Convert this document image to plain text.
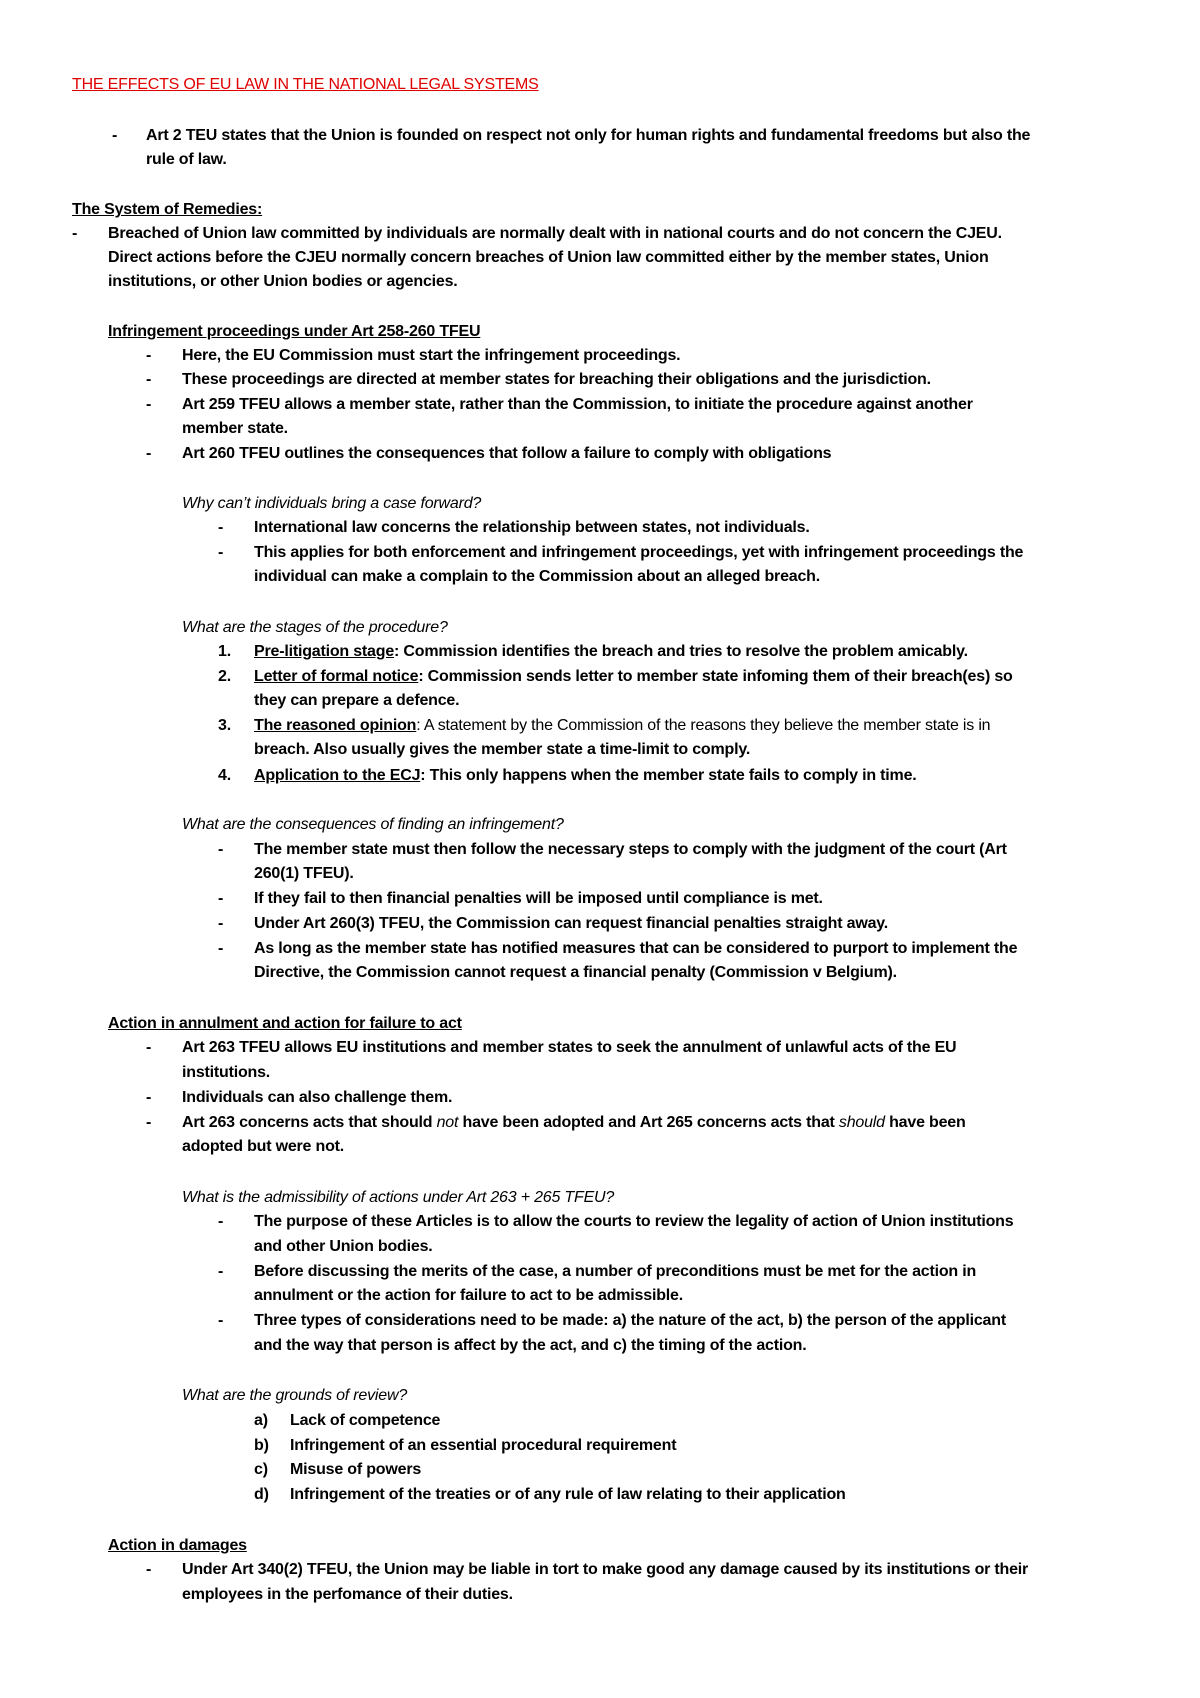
THE EFFECTS OF EU LAW IN THE NATIONAL LEGAL SYSTEMS
- Art 2 TEU states that the Union is founded on respect not only for human rights and fundamental freedoms but also the
rule of law.
The System of Remedies:
- Breached of Union law committed by individuals are normally dealt with in national courts and do not concern the CJEU.
Direct actions before the CJEU normally concern breaches of Union law committed either by the member states, Union
institutions, or other Union bodies or agencies.
Infringement proceedings under Art 258-260 TFEU
- Here, the EU Commission must start the infringement proceedings.
- These proceedings are directed at member states for breaching their obligations and the jurisdiction.
- Art 259 TFEU allows a member state, rather than the Commission, to initiate the procedure against another
member state.
- Art 260 TFEU outlines the consequences that follow a failure to comply with obligations
Why can’t individuals bring a case forward?
- International law concerns the relationship between states, not individuals.
- This applies for both enforcement and infringement proceedings, yet with infringement proceedings the
individual can make a complain to the Commission about an alleged breach.
What are the stages of the procedure?
1. Pre-litigation stage: Commission identifies the breach and tries to resolve the problem amicably.
2. Letter of formal notice: Commission sends letter to member state infoming them of their breach(es) so
they can prepare a defence.
3. The reasoned opinion: A statement by the Commission of the reasons they believe the member state is in
breach. Also usually gives the member state a time-limit to comply.
4. Application to the ECJ: This only happens when the member state fails to comply in time.
What are the consequences of finding an infringement?
- The member state must then follow the necessary steps to comply with the judgment of the court (Art
260(1) TFEU).
- If they fail to then financial penalties will be imposed until compliance is met.
- Under Art 260(3) TFEU, the Commission can request financial penalties straight away.
- As long as the member state has notified measures that can be considered to purport to implement the
Directive, the Commission cannot request a financial penalty (Commission v Belgium).
Action in annulment and action for failure to act
- Art 263 TFEU allows EU institutions and member states to seek the annulment of unlawful acts of the EU
institutions.
- Individuals can also challenge them.
- Art 263 concerns acts that should not have been adopted and Art 265 concerns acts that should have been
adopted but were not.
What is the admissibility of actions under Art 263 + 265 TFEU?
- The purpose of these Articles is to allow the courts to review the legality of action of Union institutions
and other Union bodies.
- Before discussing the merits of the case, a number of preconditions must be met for the action in
annulment or the action for failure to act to be admissible.
- Three types of considerations need to be made: a) the nature of the act, b) the person of the applicant
and the way that person is affect by the act, and c) the timing of the action.
What are the grounds of review?
a) Lack of competence
b) Infringement of an essential procedural requirement
c) Misuse of powers
d) Infringement of the treaties or of any rule of law relating to their application
Action in damages
- Under Art 340(2) TFEU, the Union may be liable in tort to make good any damage caused by its institutions or their
employees in the perfomance of their duties.
